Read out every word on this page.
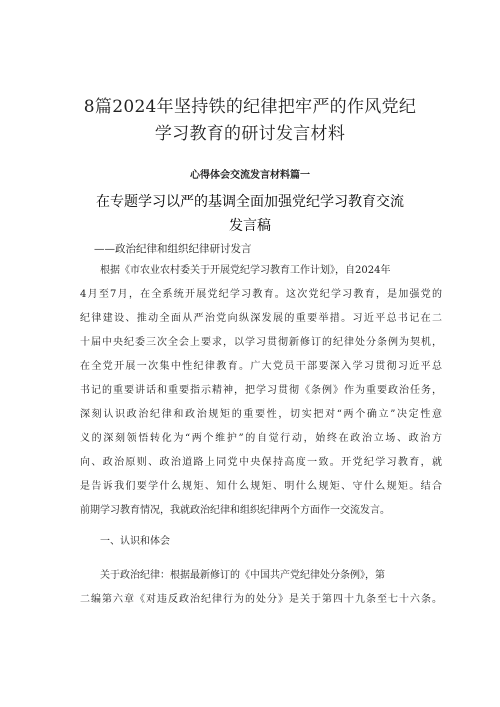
8篇2024年坚持铁的纪律把牢严的作风党纪
学习教育的研讨发言材料
心得体会交流发言材料篇一
在专题学习以严的基调全面加强党纪学习教育交流
发言稿
——政治纪律和组织纪律研讨发言
根据《市农业农村委关于开展党纪学习教育工作计划》，自2024年
4月至7月，在全系统开展党纪学习教育。这次党纪学习教育，是加强党的
纪律建设、推动全面从严治党向纵深发展的重要举措。习近平总书记在二
十届中央纪委三次全会上要求，以学习贯彻新修订的纪律处分条例为契机，
在全党开展一次集中性纪律教育。广大党员干部要深入学习贯彻习近平总
书记的重要讲话和重要指示精神，把学习贯彻《条例》作为重要政治任务，
深刻认识政治纪律和政治规矩的重要性，切实把对“两个确立”决定性意
义的深刻领悟转化为“两个维护”的自觉行动，始终在政治立场、政治方
向、政治原则、政治道路上同党中央保持高度一致。开党纪学习教育，就
是告诉我们要学什么规矩、知什么规矩、明什么规矩、守什么规矩。结合
前期学习教育情况，我就政治纪律和组织纪律两个方面作一交流发言。
一、认识和体会
关于政治纪律：根据最新修订的《中国共产党纪律处分条例》，第
二编第六章《对违反政治纪律行为的处分》是关于第四十九条至七十六条。
